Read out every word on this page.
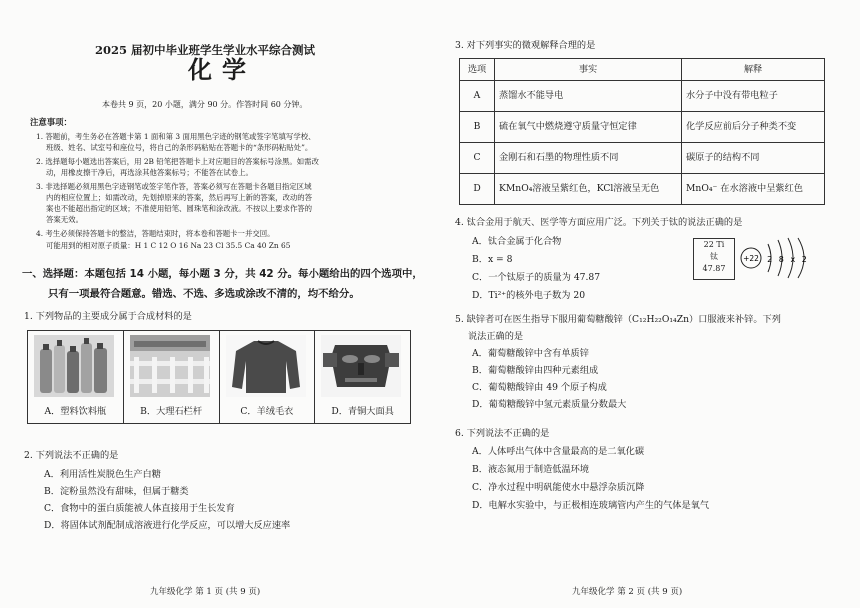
2025 届初中毕业班学生学业水平综合测试
化学
本卷共 9 页，20 小题，满分 90 分。作答时间 60 分钟。
注意事项：
1. 答题前，考生务必在答题卡第 1 面和第 3 面用黑色字迹的钢笔或签字笔填写学校、
班级、姓名、试室号和座位号，将自己的条形码粘贴在答题卡的“条形码粘贴处”。
2. 选择题每小题选出答案后，用 2B 铅笔把答题卡上对应题目的答案标号涂黑。如需改
动，用橡皮擦干净后，再选涂其他答案标号；不能答在试卷上。
3. 非选择题必须用黑色字迹钢笔或签字笔作答，答案必须写在答题卡各题目指定区域
内的相应位置上；如需改动，先划掉原来的答案，然后再写上新的答案，改动的答
案也不能超出指定的区域；不准使用铅笔、圆珠笔和涂改液。不按以上要求作答的
答案无效。
4. 考生必须保持答题卡的整洁，答题结束时，将本卷和答题卡一并交回。
可能用到的相对原子质量：H 1 C 12 O 16 Na 23 Cl 35.5 Ca 40 Zn 65
一、选择题：本题包括 14 小题，每小题 3 分，共 42 分。每小题给出的四个选项中，
只有一项最符合题意。错选、不选、多选或涂改不清的，均不给分。
1. 下列物品的主要成分属于合成材料的是
A．塑料饮料瓶	B．大理石栏杆	C．羊绒毛衣	D．青铜大面具
2. 下列说法不正确的是
A．利用活性炭脱色生产白糖
B．淀粉虽然没有甜味，但属于糖类
C．食物中的蛋白质能被人体直接用于生长发育
D．将固体试剂配制成溶液进行化学反应，可以增大反应速率
九年级化学 第 1 页 (共 9 页)
3. 对下列事实的微观解释合理的是
选项	事实	解释
A	蒸馏水不能导电	水分子中没有带电粒子
B	硫在氧气中燃烧遵守质量守恒定律	化学反应前后分子种类不变
C	金刚石和石墨的物理性质不同	碳原子的结构不同
D	KMnO₄溶液呈紫红色，KCl溶液呈无色	MnO₄⁻ 在水溶液中呈紫红色
4. 钛合金用于航天、医学等方面应用广泛。下列关于钛的说法正确的是
A．钛合金属于化合物
B．x = 8
C．一个钛原子的质量为 47.87
D．Ti²⁺的核外电子数为 20
22 Ti
钛
47.87
+22 2 8 x 2
5. 缺锌者可在医生指导下服用葡萄糖酸锌（C₁₂H₂₂O₁₄Zn）口服液来补锌。下列
说法正确的是
A．葡萄糖酸锌中含有单质锌
B．葡萄糖酸锌由四种元素组成
C．葡萄糖酸锌由 49 个原子构成
D．葡萄糖酸锌中氢元素质量分数最大
6. 下列说法不正确的是
A．人体呼出气体中含量最高的是二氧化碳
B．液态氮用于制造低温环境
C．净水过程中明矾能使水中悬浮杂质沉降
D．电解水实验中，与正极相连玻璃管内产生的气体是氧气
九年级化学 第 2 页 (共 9 页)
